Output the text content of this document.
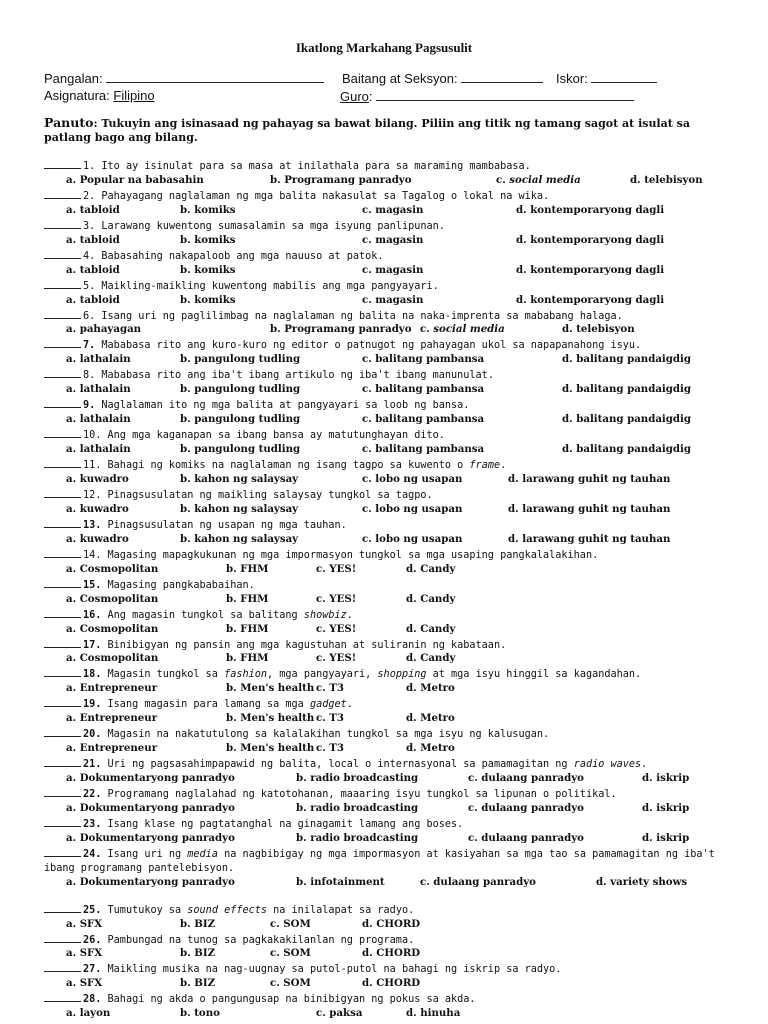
Ikatlong Markahang Pagsusulit
Pangalan:	Baitang at Seksyon:	Iskor:
Asignatura: Filipino	Guro:
Panuto: Tukuyin ang isinasaad ng pahayag sa bawat bilang. Piliin ang titik ng tamang sagot at isulat sa patlang bago ang bilang.
1. Ito ay isinulat para sa masa at inilathala para sa maraming mambabasa.
a. Popular na babasahin	b. Programang panradyo	c. social media	d. telebisyon
2. Pahayagang naglalaman ng mga balita nakasulat sa Tagalog o lokal na wika.
a. tabloid	b. komiks	c. magasin	d. kontemporaryong dagli
3. Larawang kuwentong sumasalamin sa mga isyung panlipunan.
a. tabloid	b. komiks	c. magasin	d. kontemporaryong dagli
4. Babasahing nakapaloob ang mga nauuso at patok.
a. tabloid	b. komiks	c. magasin	d. kontemporaryong dagli
5. Maikling-maikling kuwentong mabilis ang mga pangyayari.
a. tabloid	b. komiks	c. magasin	d. kontemporaryong dagli
6. Isang uri ng paglilimbag na naglalaman ng balita na naka-imprenta sa mababang halaga.
a. pahayagan	b. Programang panradyo c. social media	d. telebisyon
7. Mababasa rito ang kuro-kuro ng editor o patnugot ng pahayagan ukol sa napapanahong isyu.
a. lathalain	b. pangulong tudling	c. balitang pambansa	d. balitang pandaigdig
8. Mababasa rito ang iba't ibang artikulo ng iba't ibang manunulat.
a. lathalain	b. pangulong tudling	c. balitang pambansa	d. balitang pandaigdig
9. Naglalaman ito ng mga balita at pangyayari sa loob ng bansa.
a. lathalain	b. pangulong tudling	c. balitang pambansa	d. balitang pandaigdig
10. Ang mga kaganapan sa ibang bansa ay matutunghayan dito.
a. lathalain	b. pangulong tudling	c. balitang pambansa	d. balitang pandaigdig
11. Bahagi ng komiks na naglalaman ng isang tagpo sa kuwento o frame.
a. kuwadro	b. kahon ng salaysay	c. lobo ng usapan	d. larawang guhit ng tauhan
12. Pinagsusulatan ng maikling salaysay tungkol sa tagpo.
a. kuwadro	b. kahon ng salaysay	c. lobo ng usapan	d. larawang guhit ng tauhan
13. Pinagsusulatan ng usapan ng mga tauhan.
a. kuwadro	b. kahon ng salaysay	c. lobo ng usapan	d. larawang guhit ng tauhan
14. Magasing mapagkukunan ng mga impormasyon tungkol sa mga usaping pangkalalakihan.
a. Cosmopolitan	b. FHM	c. YES!	d. Candy
15. Magasing pangkababaihan.
a. Cosmopolitan	b. FHM	c. YES!	d. Candy
16. Ang magasin tungkol sa balitang showbiz.
a. Cosmopolitan	b. FHM	c. YES!	d. Candy
17. Binibigyan ng pansin ang mga kagustuhan at suliranin ng kabataan.
a. Cosmopolitan	b. FHM	c. YES!	d. Candy
18. Magasin tungkol sa fashion, mga pangyayari, shopping at mga isyu hinggil sa kagandahan.
a. Entrepreneur	b. Men's health c. T3	d. Metro
19. Isang magasin para lamang sa mga gadget.
a. Entrepreneur	b. Men's health c. T3	d. Metro
20. Magasin na nakatutulong sa kalalakihan tungkol sa mga isyu ng kalusugan.
a. Entrepreneur	b. Men's health c. T3	d. Metro
21. Uri ng pagsasahimpapawid ng balita, local o internasyonal sa pamamagitan ng radio waves.
a. Dokumentaryong panradyo	b. radio broadcasting	c. dulaang panradyo	d. iskrip
22. Programang naglalahad ng katotohanan, maaaring isyu tungkol sa lipunan o politikal.
a. Dokumentaryong panradyo	b. radio broadcasting	c. dulaang panradyo	d. iskrip
23. Isang klase ng pagtatanghal na ginagamit lamang ang boses.
a. Dokumentaryong panradyo	b. radio broadcasting	c. dulaang panradyo	d. iskrip
24. Isang uri ng media na nagbibigay ng mga impormasyon at kasiyahan sa mga tao sa pamamagitan ng iba't ibang programang pantelebisyon.
a. Dokumentaryong panradyo	b. infotainment	c. dulaang panradyo	d. variety shows
25. Tumutukoy sa sound effects na inilalapat sa radyo.
a. SFX	b. BIZ	c. SOM	d. CHORD
26. Pambungad na tunog sa pagkakakilanlan ng programa.
a. SFX	b. BIZ	c. SOM	d. CHORD
27. Maikling musika na nag-uugnay sa putol-putol na bahagi ng iskrip sa radyo.
a. SFX	b. BIZ	c. SOM	d. CHORD
28. Bahagi ng akda o pangungusap na binibigyan ng pokus sa akda.
a. layon	b. tono	c. paksa	d. hinuha
